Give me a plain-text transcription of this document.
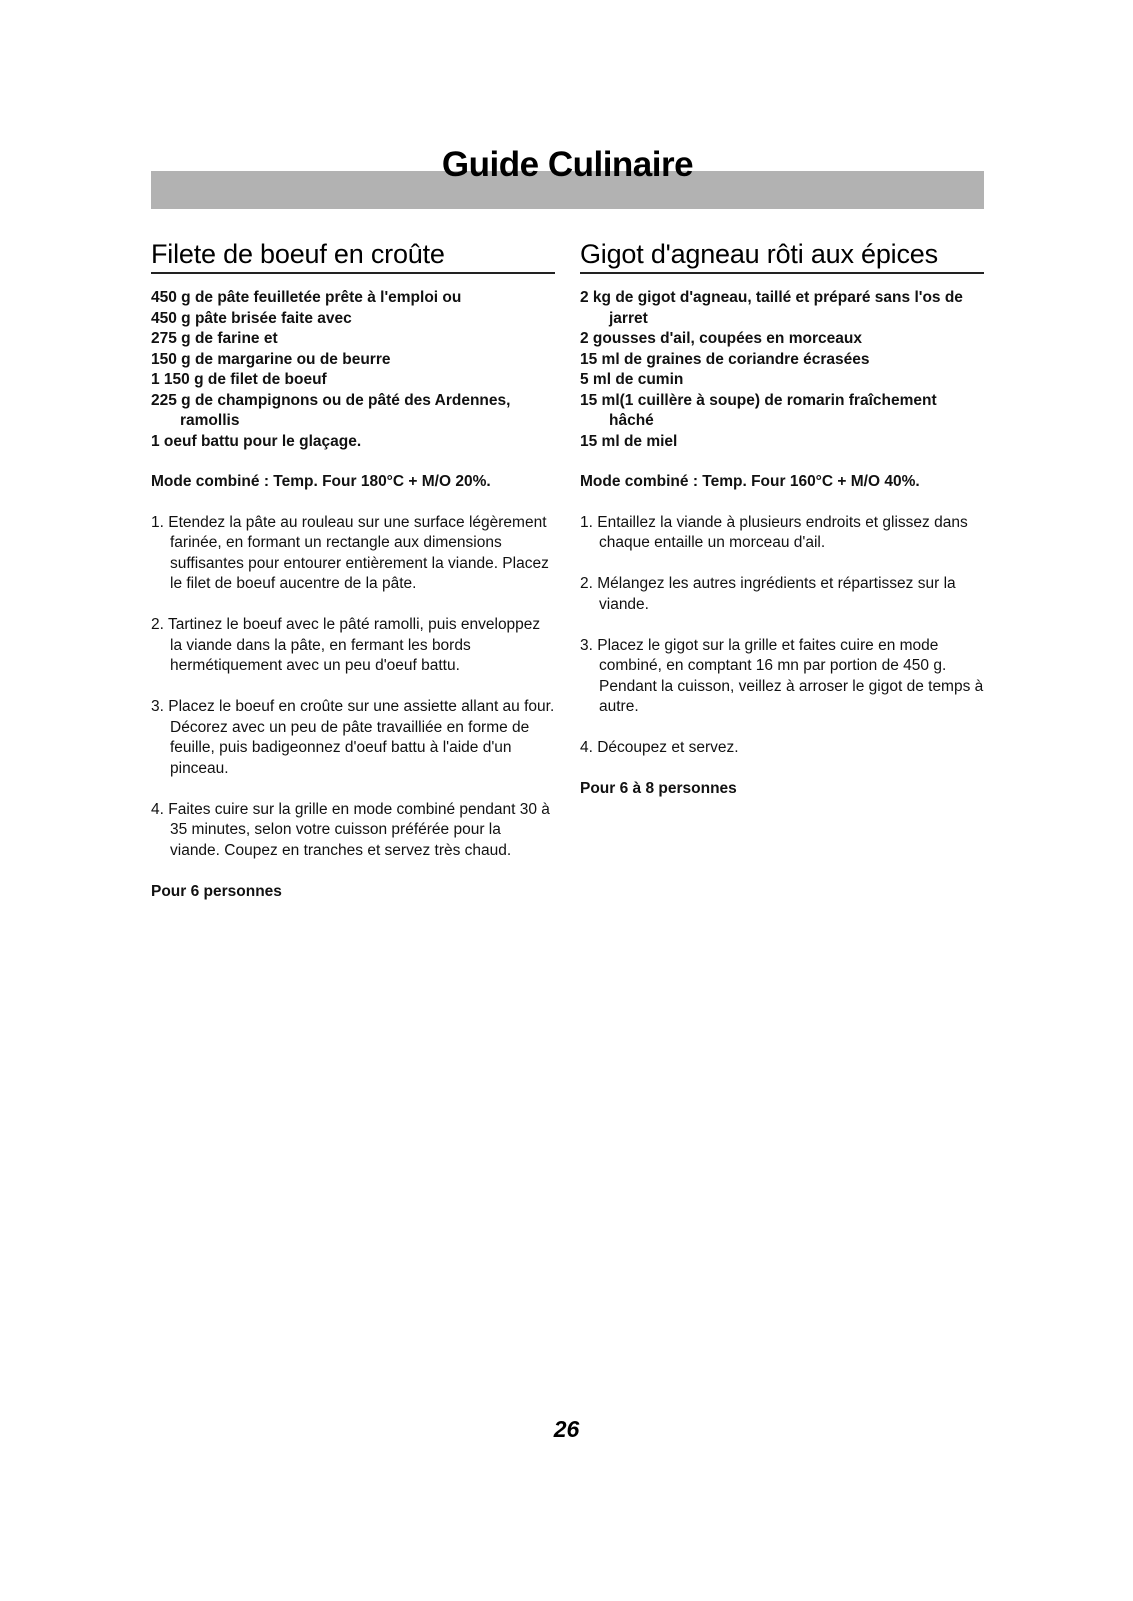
Guide Culinaire
Filete de boeuf en croûte
450 g de pâte feuilletée prête à l'emploi ou
450 g pâte brisée faite avec
275 g de farine et
150 g de margarine ou de beurre
1 150 g de filet de boeuf
225 g de champignons ou de pâté des Ardennes, ramollis
1 oeuf battu pour le glaçage.

Mode combiné : Temp. Four 180°C + M/O 20%.

1. Etendez la pâte au rouleau sur une surface légèrement farinée, en formant un rectangle aux dimensions suffisantes pour entourer entièrement la viande. Placez le filet de boeuf aucentre de la pâte.
2. Tartinez le boeuf avec le pâté ramolli, puis enveloppez la viande dans la pâte, en fermant les bords hermétiquement avec un peu d'oeuf battu.
3. Placez le boeuf en croûte sur une assiette allant au four. Décorez avec un peu de pâte travailliée en forme de feuille, puis badigeonnez d'oeuf battu à l'aide d'un pinceau.
4. Faites cuire sur la grille en mode combiné pendant 30 à 35 minutes, selon votre cuisson préférée pour la viande. Coupez en tranches et servez très chaud.

Pour 6 personnes

Gigot d'agneau rôti aux épices
2 kg de gigot d'agneau, taillé et préparé sans l'os de jarret
2 gousses d'ail, coupées en morceaux
15 ml de graines de coriandre écrasées
5 ml de cumin
15 ml(1 cuillère à soupe) de romarin fraîchement hâché
15 ml de miel

Mode combiné : Temp. Four 160°C + M/O 40%.

1. Entaillez la viande à plusieurs endroits et glissez dans chaque entaille un morceau d'ail.
2. Mélangez les autres ingrédients et répartissez sur la viande.
3. Placez le gigot sur la grille et faites cuire en mode combiné, en comptant 16 mn par portion de 450 g. Pendant la cuisson, veillez à arroser le gigot de temps à autre.
4. Découpez et servez.

Pour 6 à 8 personnes

26
